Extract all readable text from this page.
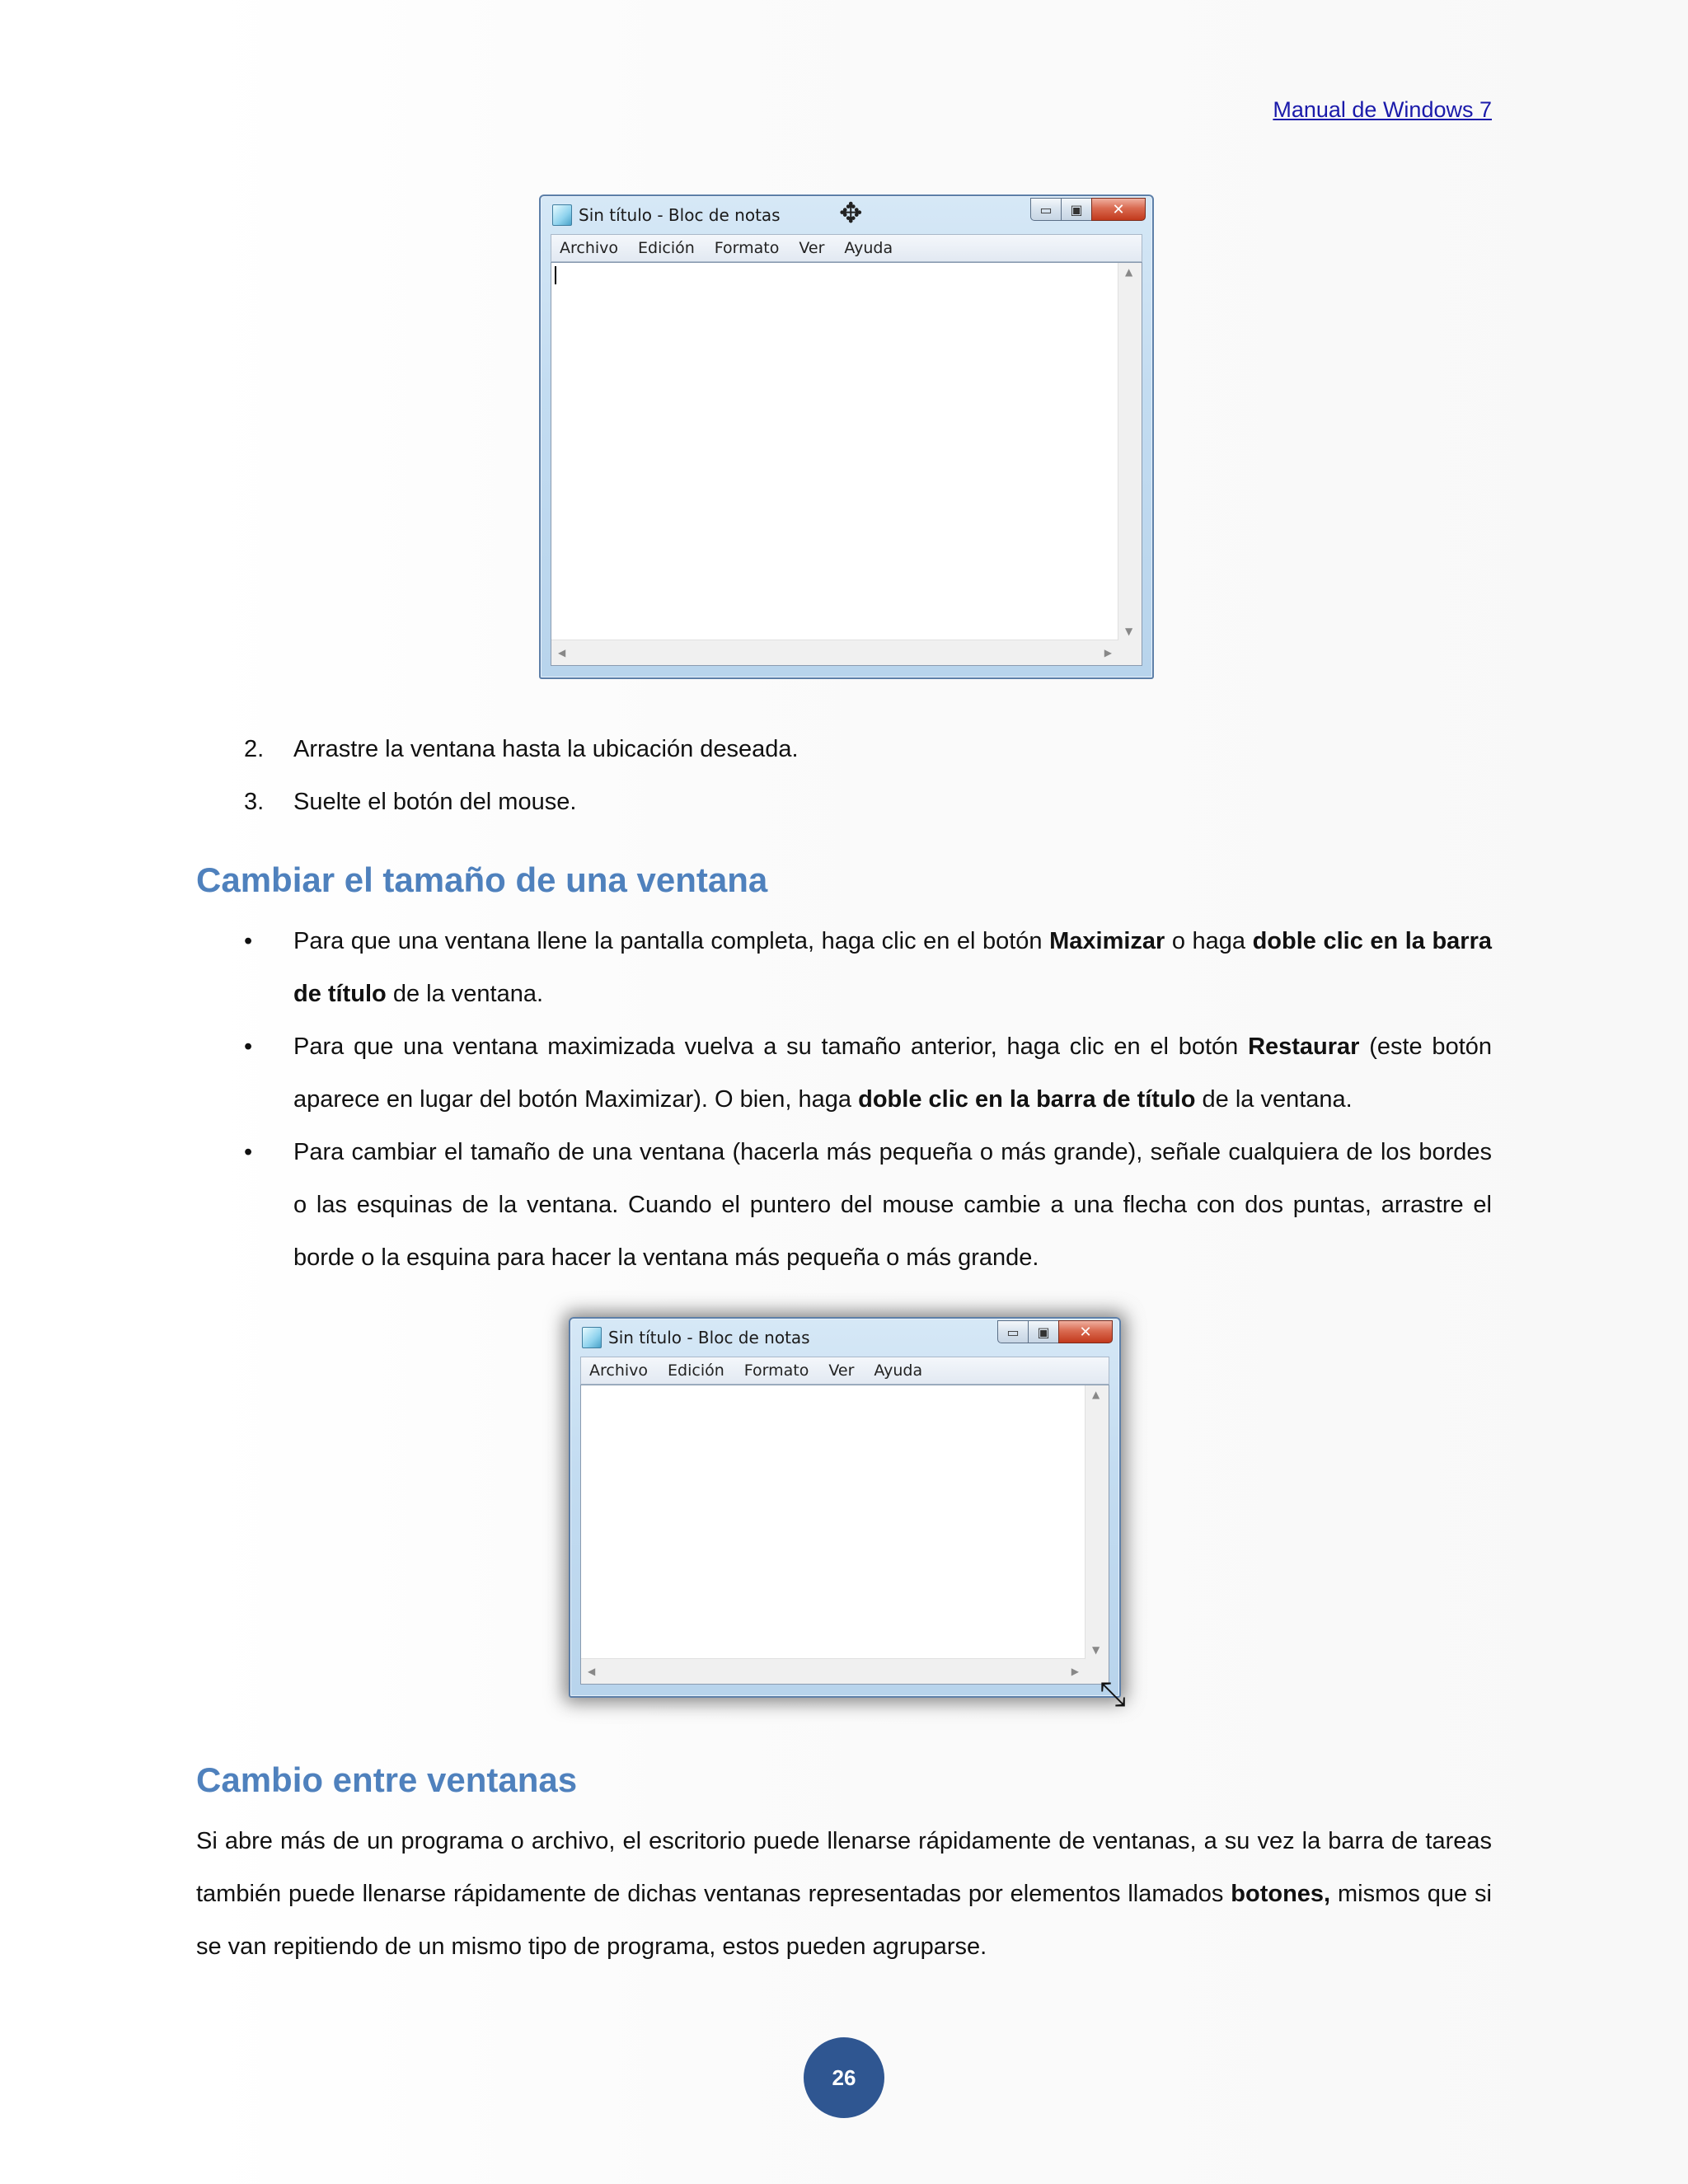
Manual de Windows 7
Sin título - Bloc de notas ✥	▭	▣	✕
Archivo Edición Formato Ver Ayuda
▲
▼
◀	▶
2. Arrastre la ventana hasta la ubicación deseada.
3. Suelte el botón del mouse.
Cambiar el tamaño de una ventana
• Para que una ventana llene la pantalla completa, haga clic en el botón Maximizar o haga doble clic en la barra de título de la ventana.
• Para que una ventana maximizada vuelva a su tamaño anterior, haga clic en el botón Restaurar (este botón aparece en lugar del botón Maximizar). O bien, haga doble clic en la barra de título de la ventana.
• Para cambiar el tamaño de una ventana (hacerla más pequeña o más grande), señale cualquiera de los bordes o las esquinas de la ventana. Cuando el puntero del mouse cambie a una flecha con dos puntas, arrastre el borde o la esquina para hacer la ventana más pequeña o más grande.
Sin título - Bloc de notas	▭	▣	✕
Archivo Edición Formato Ver Ayuda
▲
▼
◀	▶
⤡
Cambio entre ventanas
Si abre más de un programa o archivo, el escritorio puede llenarse rápidamente de ventanas, a su vez la barra de tareas también puede llenarse rápidamente de dichas ventanas representadas por elementos llamados botones, mismos que si se van repitiendo de un mismo tipo de programa, estos pueden agruparse.
26
